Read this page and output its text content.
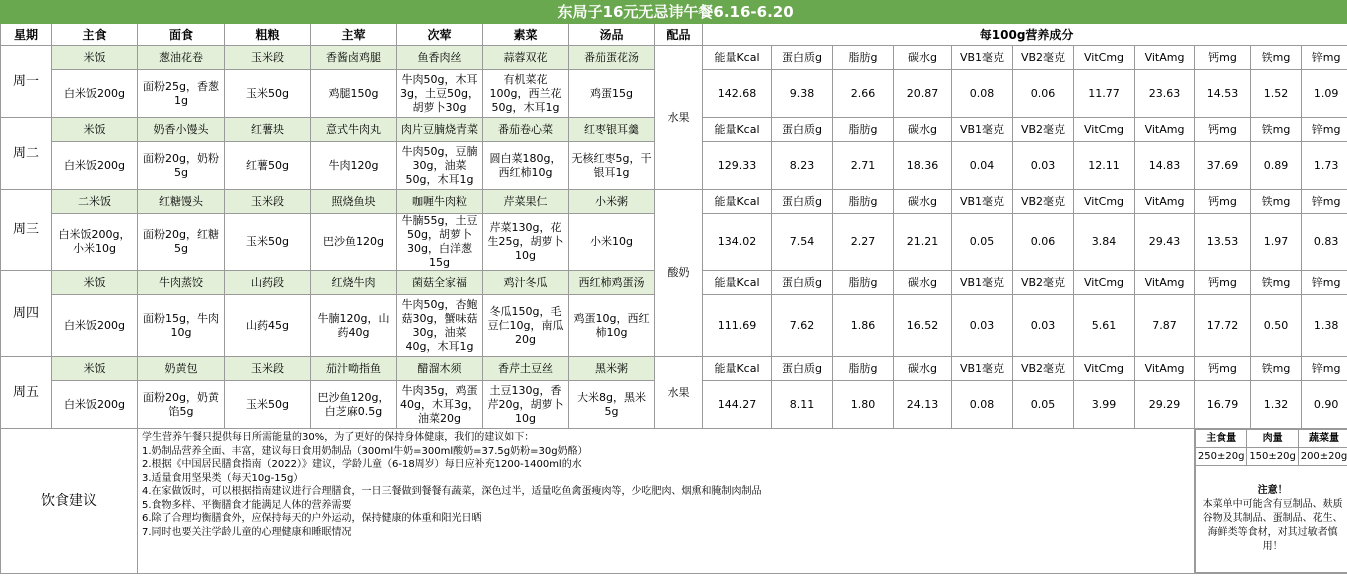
东局子16元无忌讳午餐6.16-6.20
星期	主食	面食	粗粮	主荤	次荤	素菜	汤品	配品	每100g营养成分
周一	米饭	葱油花卷	玉米段	香酱卤鸡腿	鱼香肉丝	蒜蓉双花	番茄蛋花汤	水果	能量Kcal	蛋白质g	脂肪g	碳水g	VB1毫克	VB2毫克	VitCmg	VitAmg	钙mg	铁mg	锌mg
白米饭200g	面粉25g，香葱1g	玉米50g	鸡腿150g	牛肉50g，木耳3g，土豆50g，胡萝卜30g	有机菜花100g，西兰花50g，木耳1g	鸡蛋15g	142.68	9.38	2.66	20.87	0.08	0.06	11.77	23.63	14.53	1.52	1.09
周二	米饭	奶香小馒头	红薯块	意式牛肉丸	肉片豆腩烧青菜	番茄卷心菜	红枣银耳羹	能量Kcal	蛋白质g	脂肪g	碳水g	VB1毫克	VB2毫克	VitCmg	VitAmg	钙mg	铁mg	锌mg
白米饭200g	面粉20g，奶粉5g	红薯50g	牛肉120g	牛肉50g，豆腩30g，油菜50g，木耳1g	圆白菜180g，西红柿10g	无核红枣5g，干银耳1g	129.33	8.23	2.71	18.36	0.04	0.03	12.11	14.83	37.69	0.89	1.73
周三	二米饭	红糖馒头	玉米段	照烧鱼块	咖喱牛肉粒	芹菜果仁	小米粥	酸奶	能量Kcal	蛋白质g	脂肪g	碳水g	VB1毫克	VB2毫克	VitCmg	VitAmg	钙mg	铁mg	锌mg
白米饭200g，小米10g	面粉20g，红糖5g	玉米50g	巴沙鱼120g	牛腩55g，土豆50g，胡萝卜30g，白洋葱15g	芹菜130g，花生25g，胡萝卜10g	小米10g	134.02	7.54	2.27	21.21	0.05	0.06	3.84	29.43	13.53	1.97	0.83
周四	米饭	牛肉蒸饺	山药段	红烧牛肉	菌菇全家福	鸡汁冬瓜	西红柿鸡蛋汤	能量Kcal	蛋白质g	脂肪g	碳水g	VB1毫克	VB2毫克	VitCmg	VitAmg	钙mg	铁mg	锌mg
白米饭200g	面粉15g，牛肉10g	山药45g	牛腩120g，山药40g	牛肉50g，杏鲍菇30g，蟹味菇30g，油菜40g，木耳1g	冬瓜150g，毛豆仁10g，南瓜20g	鸡蛋10g，西红柿10g	111.69	7.62	1.86	16.52	0.03	0.03	5.61	7.87	17.72	0.50	1.38
周五	米饭	奶黄包	玉米段	茄汁呦指鱼	醋溜木须	香芹土豆丝	黑米粥	水果	能量Kcal	蛋白质g	脂肪g	碳水g	VB1毫克	VB2毫克	VitCmg	VitAmg	钙mg	铁mg	锌mg
白米饭200g	面粉20g，奶黄馅5g	玉米50g	巴沙鱼120g，白芝麻0.5g	牛肉35g，鸡蛋40g，木耳3g，油菜20g	土豆130g，香芹20g，胡萝卜10g	大米8g，黑米5g	144.27	8.11	1.80	24.13	0.08	0.05	3.99	29.29	16.79	1.32	0.90
饮食建议	
学生营养午餐只提供每日所需能量的30%，为了更好的保持身体健康，我们的建议如下：
1.奶制品营养全面、丰富，建议每日食用奶制品（300ml牛奶=300ml酸奶=37.5g奶粉=30g奶酪）
2.根据《中国居民膳食指南（2022）》建议，学龄儿童（6-18周岁）每日应补充1200-1400ml的水
3.适量食用坚果类（每天10g-15g）
4.在家做饭时，可以根据指南建议进行合理膳食，一日三餐做到餐餐有蔬菜，深色过半，适量吃鱼禽蛋瘦肉等，少吃肥肉、烟熏和腌制肉制品
5.食物多样、平衡膳食才能满足人体的营养需要
6.除了合理均衡膳食外，应保持每天的户外运动，保持健康的体重和阳光日晒
7.同时也要关注学龄儿童的心理健康和睡眠情况

主食量	肉量	蔬菜量
250±20g	150±20g	200±20g

注意！
本菜单中可能含有豆制品、麸质谷物及其制品、蛋制品、花生、海鲜类等食材，对其过敏者慎用！
